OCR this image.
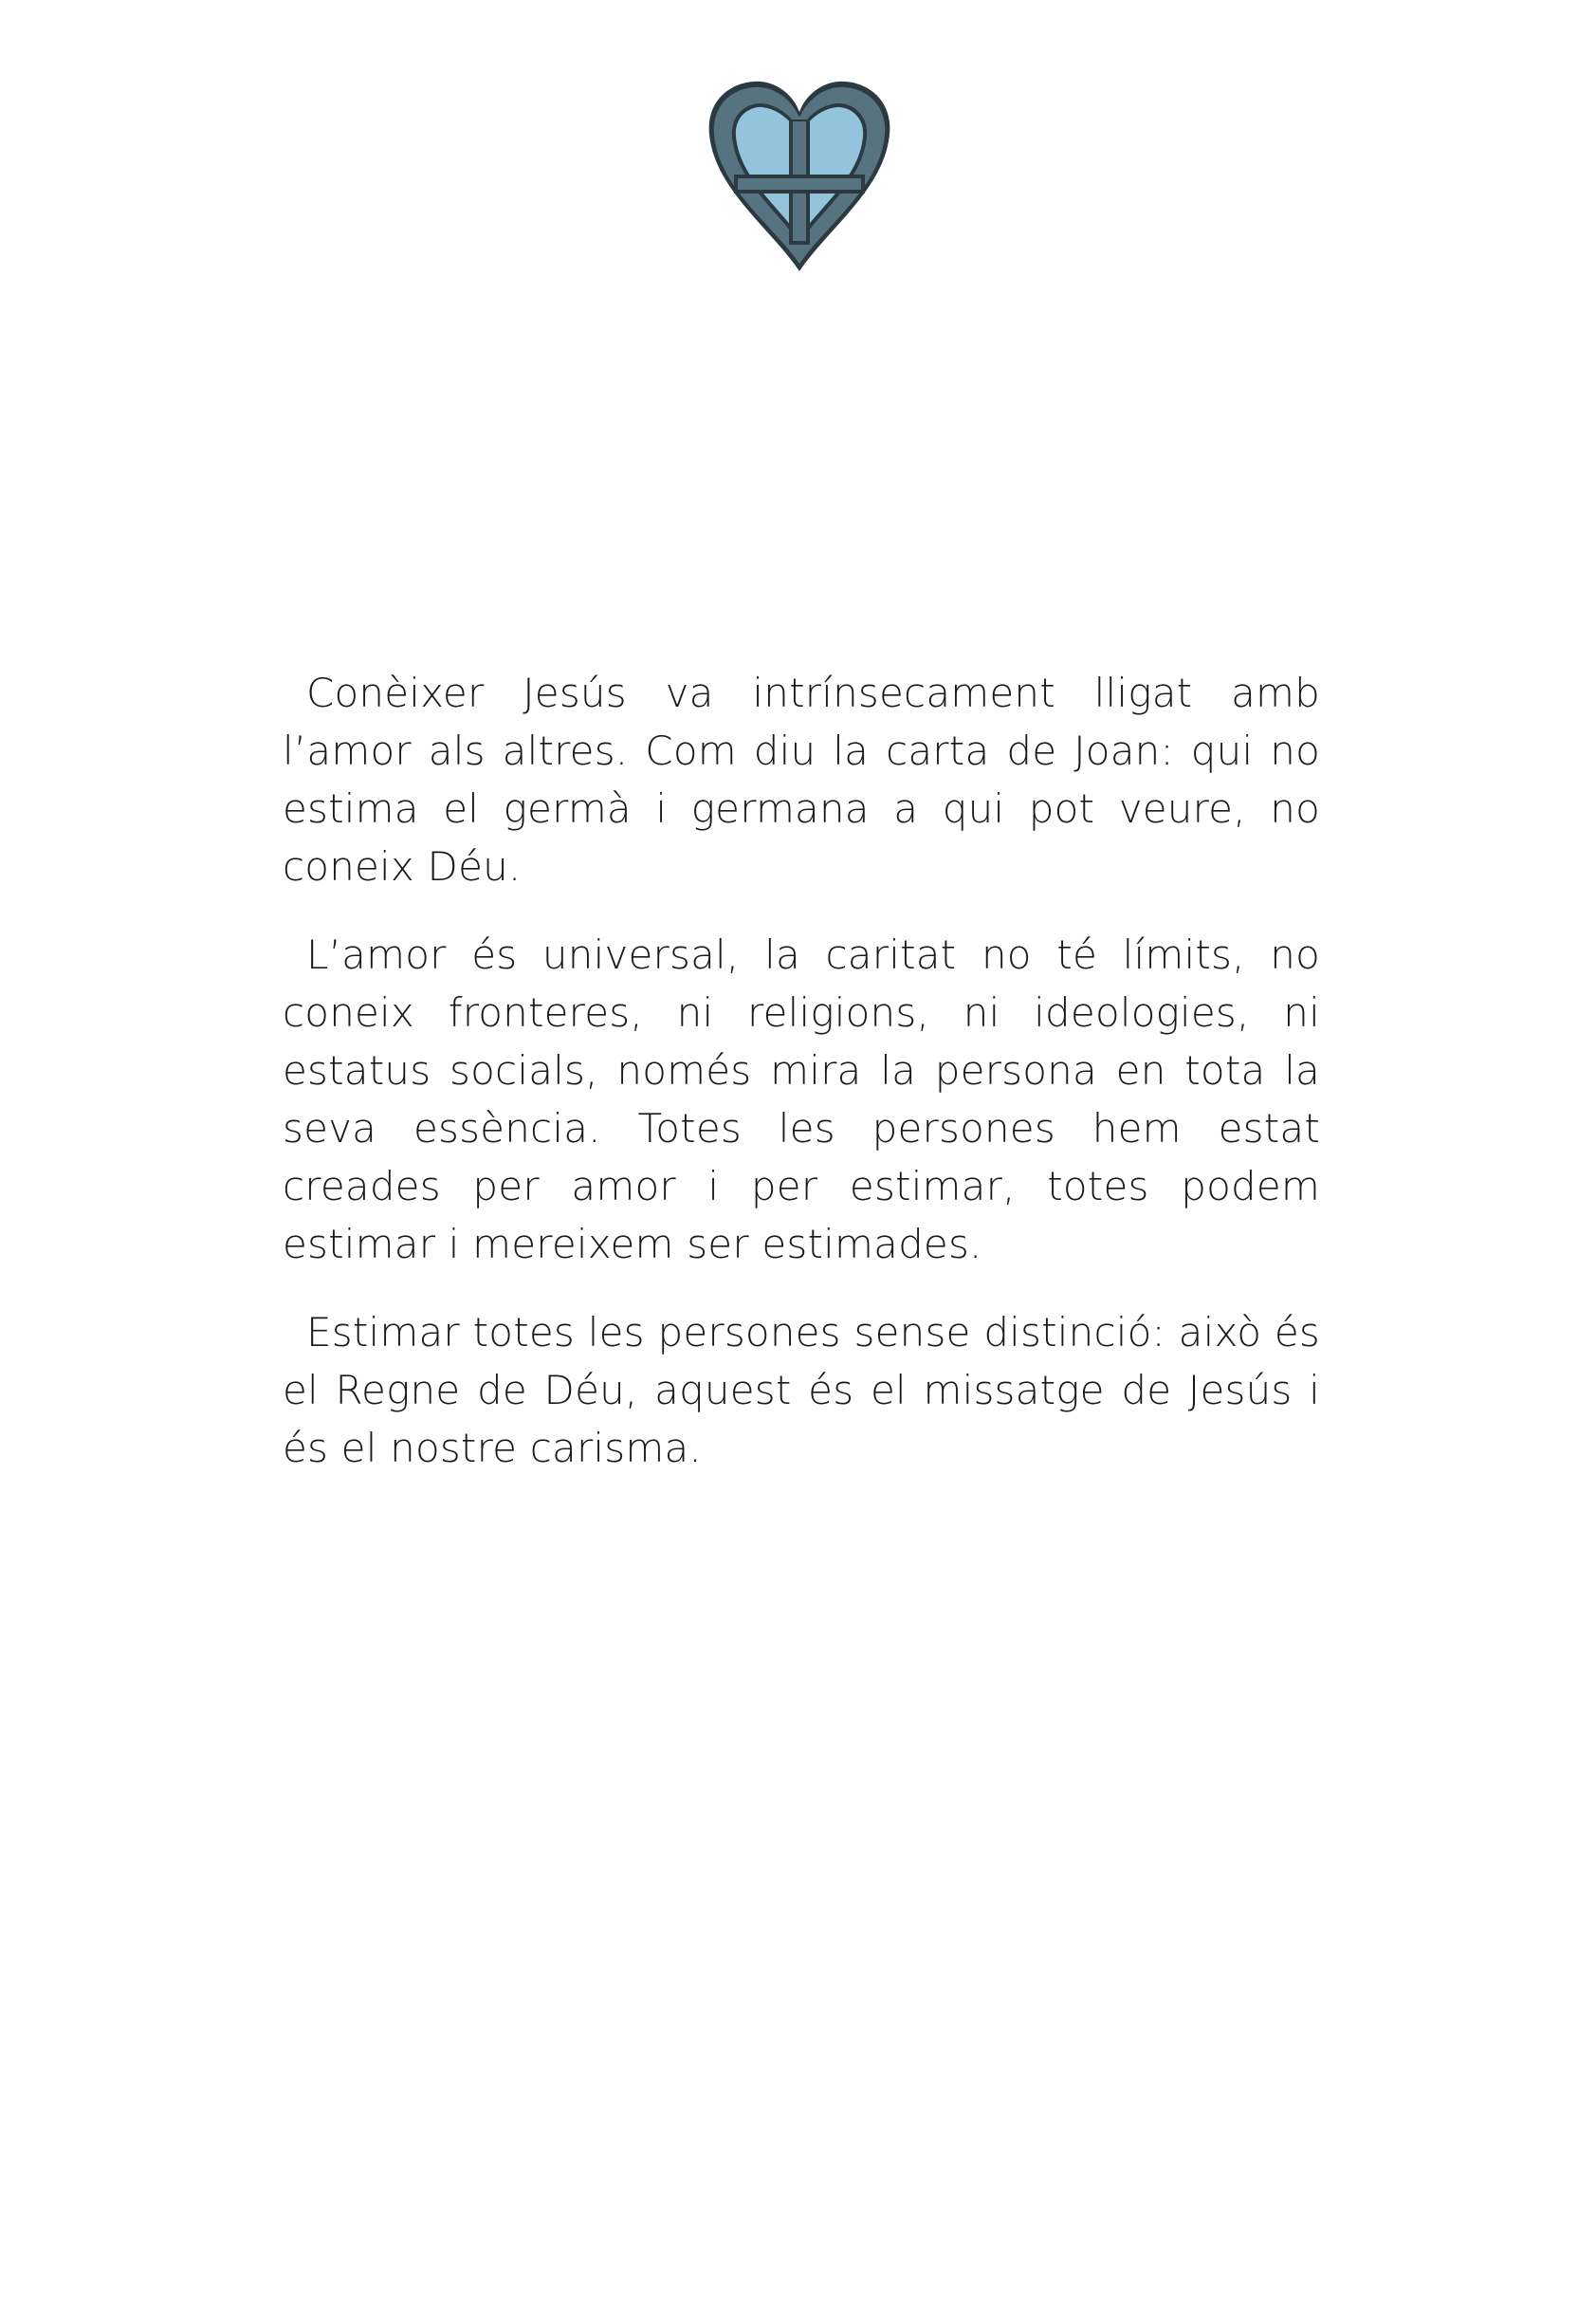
Conèixer Jesús va intrínsecament lligat amb l’amor als altres. Com diu la carta de Joan: qui no estima el germà i germana a qui pot veure, no coneix Déu.

L’amor és universal, la caritat no té límits, no coneix fronteres, ni religions, ni ideologies, ni estatus socials, només mira la persona en tota la seva essència. Totes les persones hem estat creades per amor i per estimar, totes podem estimar i mereixem ser estimades.

Estimar totes les persones sense distinció: això és el Regne de Déu, aquest és el missatge de Jesús i és el nostre carisma.
